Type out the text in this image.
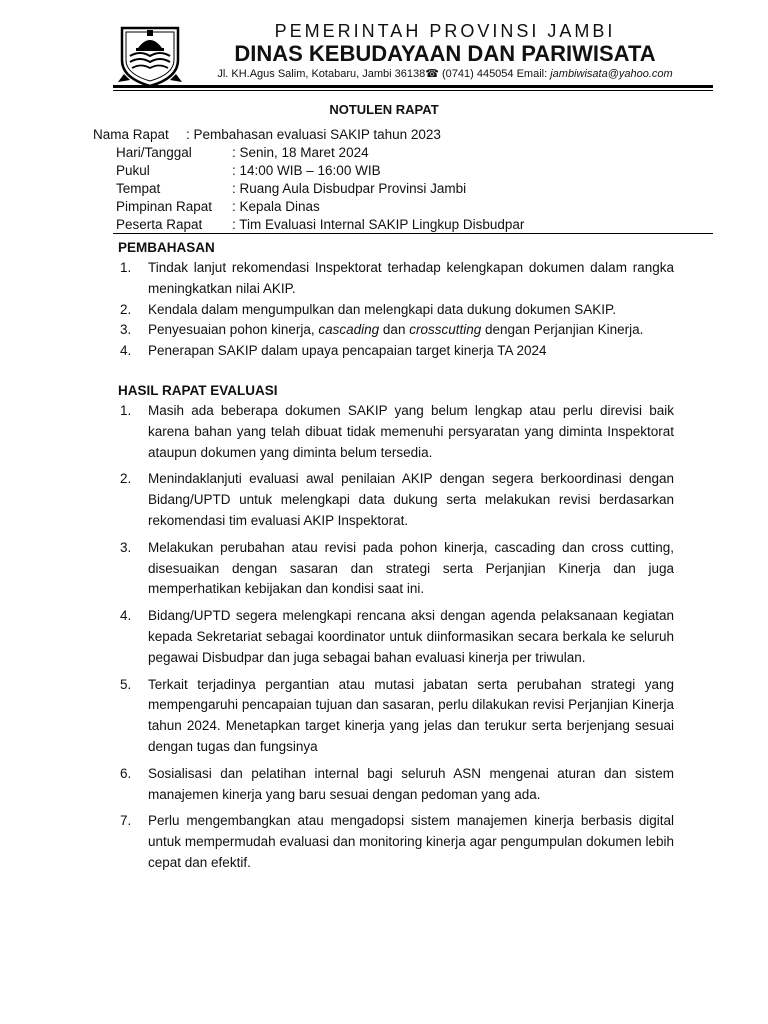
PEMERINTAH PROVINSI JAMBI
DINAS KEBUDAYAAN DAN PARIWISATA
Jl. KH.Agus Salim, Kotabaru, Jambi 36138☎ (0741) 445054 Email: jambiwisata@yahoo.com
NOTULEN RAPAT
Nama Rapat : Pembahasan evaluasi SAKIP tahun 2023
Hari/Tanggal	: Senin, 18 Maret 2024
Pukul	: 14:00 WIB – 16:00 WIB
Tempat	: Ruang Aula Disbudpar Provinsi Jambi
Pimpinan Rapat : Kepala Dinas
Peserta Rapat : Tim Evaluasi Internal SAKIP Lingkup Disbudpar
PEMBAHASAN
1. Tindak lanjut rekomendasi Inspektorat terhadap kelengkapan dokumen dalam rangka meningkatkan nilai AKIP.
2. Kendala dalam mengumpulkan dan melengkapi data dukung dokumen SAKIP.
3. Penyesuaian pohon kinerja, cascading dan crosscutting dengan Perjanjian Kinerja.
4. Penerapan SAKIP dalam upaya pencapaian target kinerja TA 2024
HASIL RAPAT EVALUASI
1. Masih ada beberapa dokumen SAKIP yang belum lengkap atau perlu direvisi baik karena bahan yang telah dibuat tidak memenuhi persyaratan yang diminta Inspektorat ataupun dokumen yang diminta belum tersedia.
2. Menindaklanjuti evaluasi awal penilaian AKIP dengan segera berkoordinasi dengan Bidang/UPTD untuk melengkapi data dukung serta melakukan revisi berdasarkan rekomendasi tim evaluasi AKIP Inspektorat.
3. Melakukan perubahan atau revisi pada pohon kinerja, cascading dan cross cutting, disesuaikan dengan sasaran dan strategi serta Perjanjian Kinerja dan juga memperhatikan kebijakan dan kondisi saat ini.
4. Bidang/UPTD segera melengkapi rencana aksi dengan agenda pelaksanaan kegiatan kepada Sekretariat sebagai koordinator untuk diinformasikan secara berkala ke seluruh pegawai Disbudpar dan juga sebagai bahan evaluasi kinerja per triwulan.
5. Terkait terjadinya pergantian atau mutasi jabatan serta perubahan strategi yang mempengaruhi pencapaian tujuan dan sasaran, perlu dilakukan revisi Perjanjian Kinerja tahun 2024. Menetapkan target kinerja yang jelas dan terukur serta berjenjang sesuai dengan tugas dan fungsinya
6. Sosialisasi dan pelatihan internal bagi seluruh ASN mengenai aturan dan sistem manajemen kinerja yang baru sesuai dengan pedoman yang ada.
7. Perlu mengembangkan atau mengadopsi sistem manajemen kinerja berbasis digital untuk mempermudah evaluasi dan monitoring kinerja agar pengumpulan dokumen lebih cepat dan efektif.
